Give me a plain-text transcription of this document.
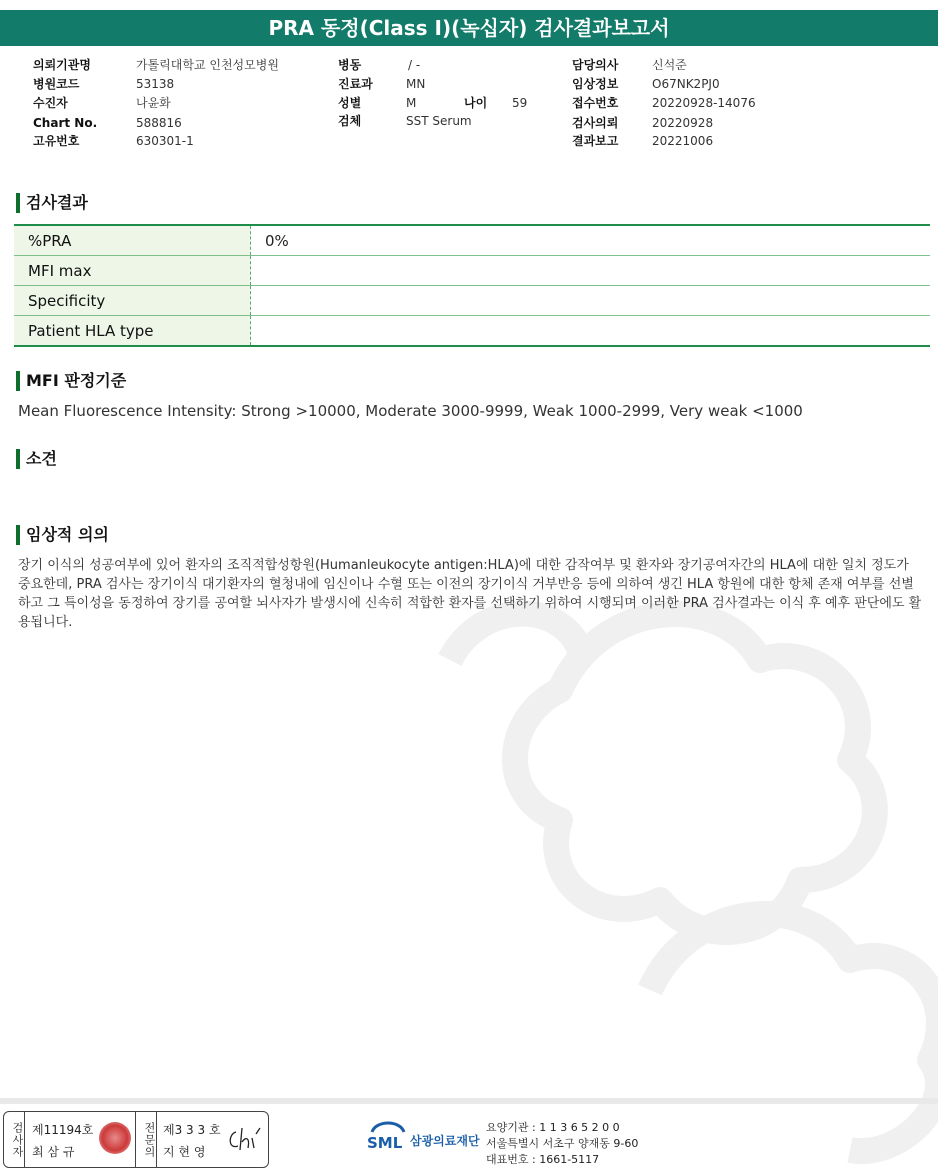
PRA 동정(Class I)(녹십자) 검사결과보고서
의뢰기관명	가톨릭대학교 인천성모병원
병원코드	53138
수진자	나윤화
Chart No.	588816
고유번호	630301-1
병동	/ -
진료과	MN
성별	M	나이 59
검체	SST Serum
담당의사	신석준
임상정보	O67NK2PJ0
접수번호	20220928-14076
검사의뢰	20220928
결과보고	20221006
검사결과
%PRA	0%
MFI max	
Specificity	
Patient HLA type	
MFI 판정기준
Mean Fluorescence Intensity: Strong >10000, Moderate 3000-9999, Weak 1000-2999, Very weak <1000
소견
임상적 의의
장기 이식의 성공여부에 있어 환자의 조직적합성항원(Humanleukocyte antigen:HLA)에 대한 감작여부 및 환자와 장기공여자간의 HLA에 대한 일치 정도가 중요한데, PRA 검사는 장기이식 대기환자의 혈청내에 임신이나 수혈 또는 이전의 장기이식 거부반응 등에 의하여 생긴 HLA 항원에 대한 항체 존재 여부를 선별하고 그 특이성을 동정하여 장기를 공여할 뇌사자가 발생시에 신속히 적합한 환자를 선택하기 위하여 시행되며 이러한 PRA 검사결과는 이식 후 예후 판단에도 활용됩니다.
검사자 제11194호
최 삼 규	전문의 제3 3 3 호
지 현 영	SML 삼광의료재단
요양기관 : 1 1 3 6 5 2 0 0
서울특별시 서초구 양재동 9-60
대표번호 : 1661-5117
